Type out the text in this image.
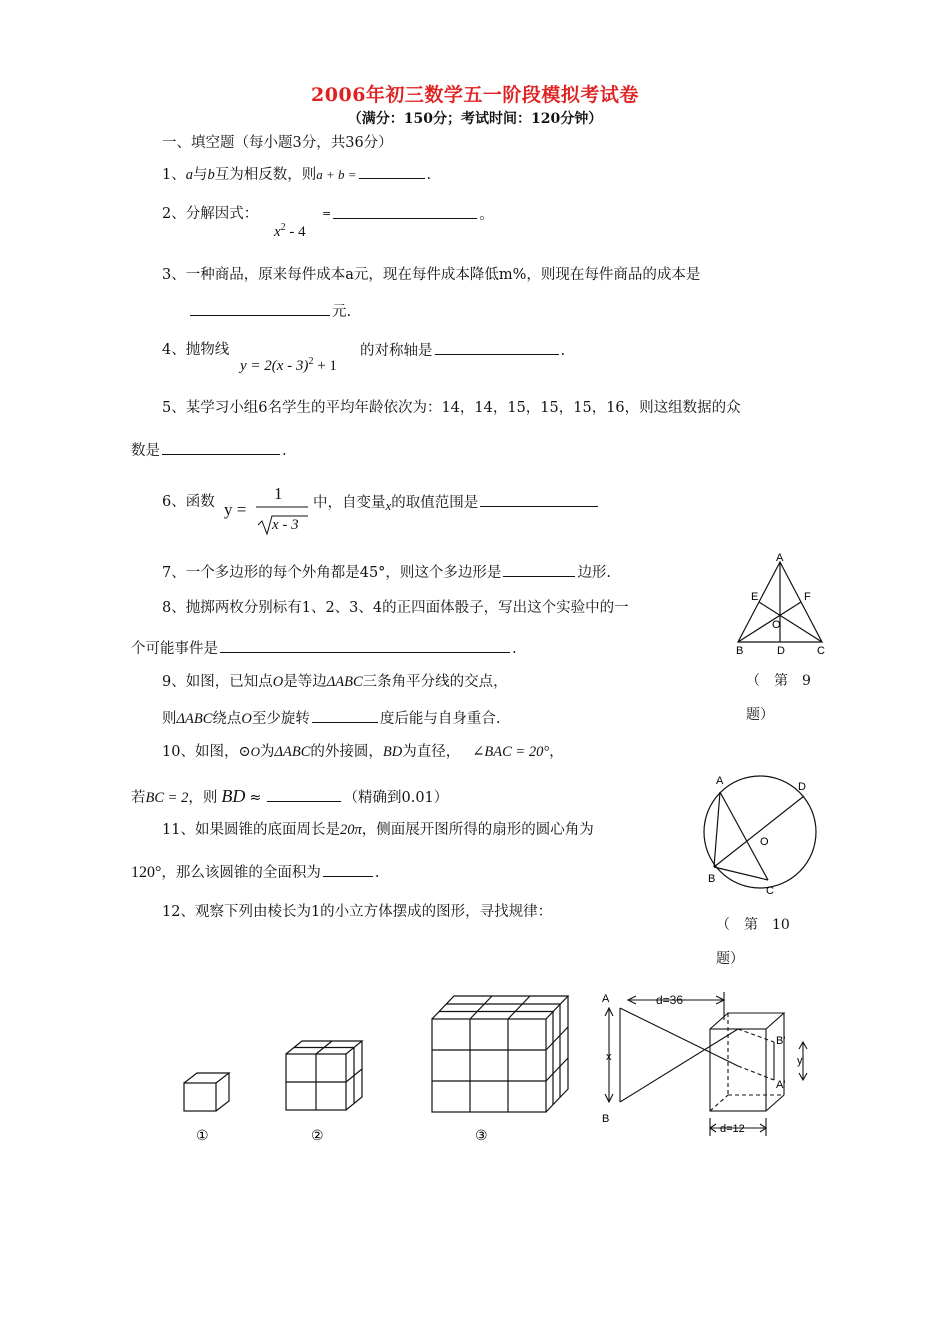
2006年初三数学五一阶段模拟考试卷
（满分：150分；考试时间：120分钟）
一、填空题（每小题3分，共36分）
1、a与b互为相反数，则a + b =	.
2、分解因式：
$x^2 - 4$
=	。
3、一种商品，原来每件成本a元，现在每件成本降低m%，则现在每件商品的成本是
元.
4、抛物线
y = 2(x - 3)$^2$ + 1
的对称轴是	.
5、某学习小组6名学生的平均年龄依次为：14，14，15，15，15，16，则这组数据的众
数是	.
6、函数 y =
1
x - 3
中，自变量x的取值范围是
7、一个多边形的每个外角都是45°，则这个多边形是	边形.
8、抛掷两枚分别标有1、2、3、4的正四面体骰子，写出这个实验中的一
个可能事件是	.
9、如图，已知点O是等边ΔABC三条角平分线的交点，
则ΔABC绕点O至少旋转	度后能与自身重合.
10、如图，⊙O为ΔABC的外接圆，BD为直径， ∠BAC = 20°，
若BC = 2，则 BD ≈	（精确到0.01）
11、如果圆锥的底面周长是20π，侧面展开图所得的扇形的圆心角为
120°，那么该圆锥的全面积为	.
12、观察下列由棱长为1的小立方体摆成的图形，寻找规律：
A
E	F
O
B	D	C
（　第　9
题）
A	D
O
B
C
（　第　10
题）
①	②	③
A
x
B
d=36
B'
y
A'
d=12
